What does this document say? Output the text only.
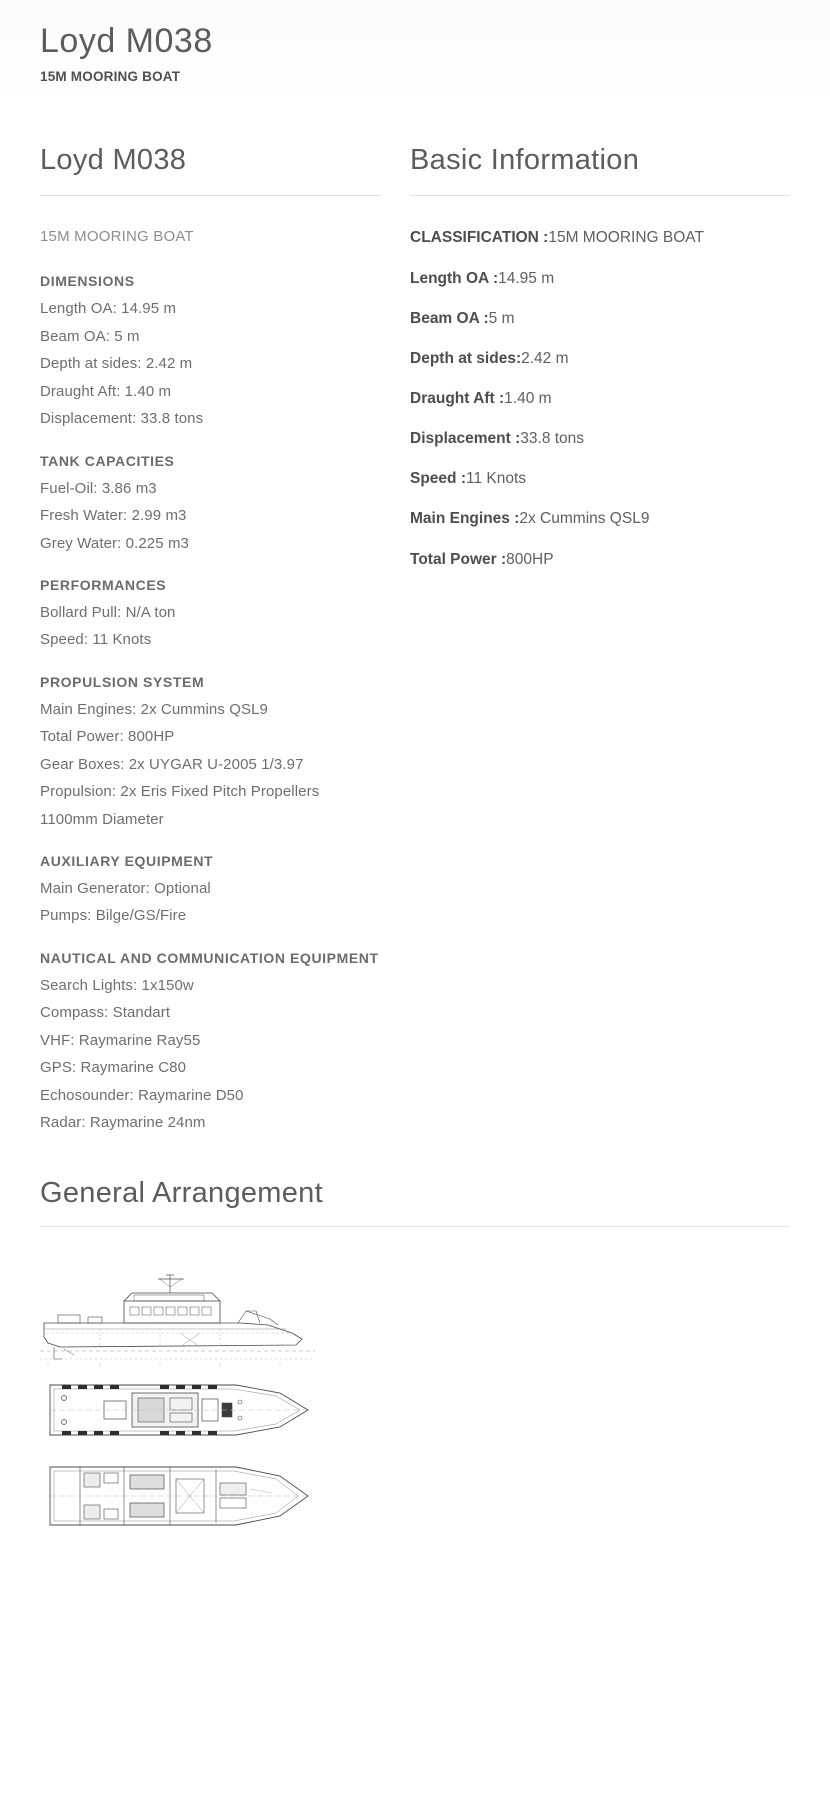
Loyd M038

15M MOORING BOAT

Loyd M038

15M MOORING BOAT

DIMENSIONS

Length OA: 14.95 m

Beam OA: 5 m

Depth at sides: 2.42 m

Draught Aft: 1.40 m

Displacement: 33.8 tons

TANK CAPACITIES

Fuel-Oil: 3.86 m3

Fresh Water: 2.99 m3

Grey Water: 0.225 m3

PERFORMANCES

Bollard Pull: N/A ton

Speed: 11 Knots

PROPULSION SYSTEM

Main Engines: 2x Cummins QSL9

Total Power: 800HP

Gear Boxes: 2x UYGAR U-2005 1/3.97

Propulsion: 2x Eris Fixed Pitch Propellers 1100mm Diameter

AUXILIARY EQUIPMENT

Main Generator: Optional

Pumps: Bilge/GS/Fire

NAUTICAL AND COMMUNICATION EQUIPMENT

Search Lights: 1x150w

Compass: Standart

VHF: Raymarine Ray55

GPS: Raymarine C80

Echosounder: Raymarine D50

Radar: Raymarine 24nm

Basic Information
CLASSIFICATION :15M MOORING BOAT
Length OA :14.95 m
Beam OA :5 m
Depth at sides:2.42 m
Draught Aft :1.40 m
Displacement :33.8 tons
Speed :11 Knots
Main Engines :2x Cummins QSL9
Total Power :800HP
General Arrangement
